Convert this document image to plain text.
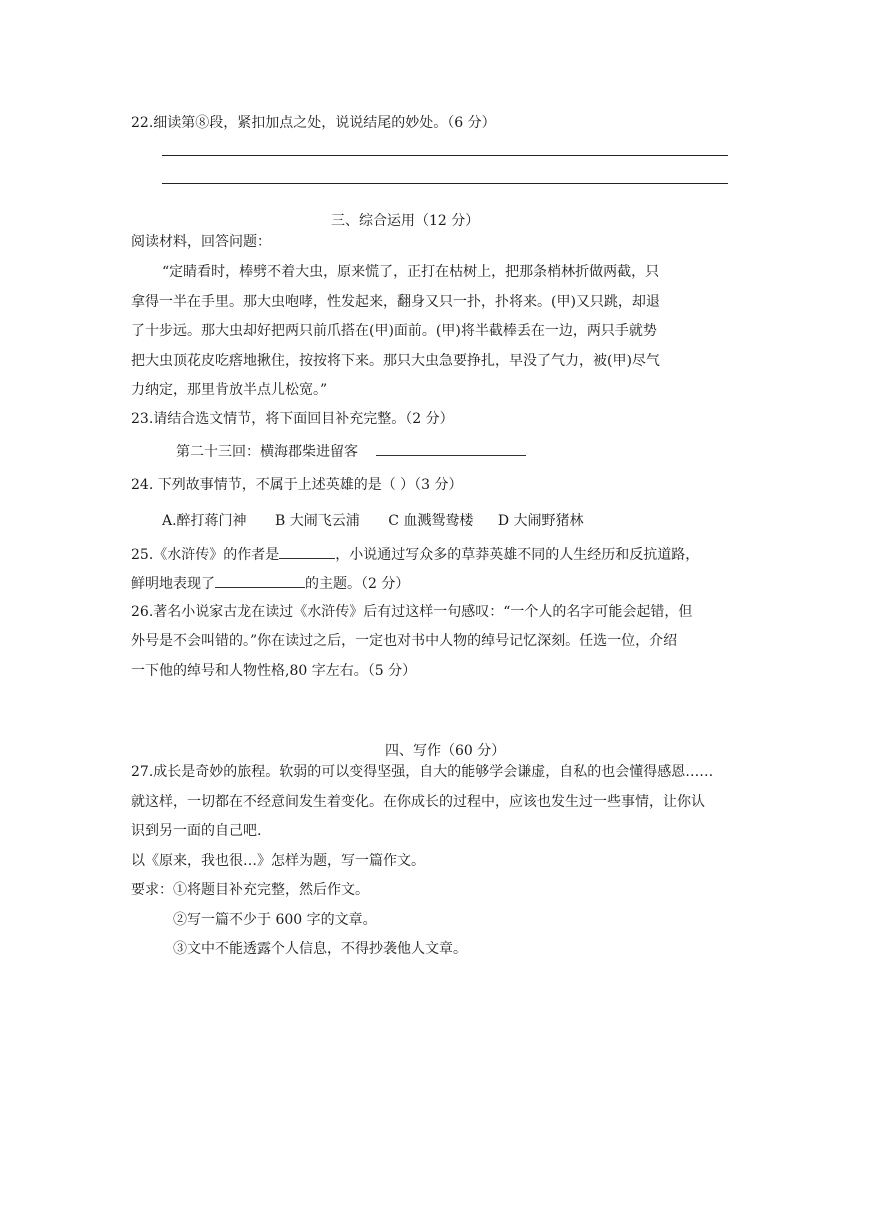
22.细读第⑧段，紧扣加点之处，说说结尾的妙处。（6 分）
三、综合运用（12 分）
阅读材料，回答问题：
“定睛看时，棒劈不着大虫，原来慌了，正打在枯树上，把那条梢林折做两截，只
拿得一半在手里。那大虫咆哮，性发起来，翻身又只一扑，扑将来。(甲)又只跳，却退
了十步远。那大虫却好把两只前爪搭在(甲)面前。(甲)将半截棒丢在一边，两只手就势
把大虫顶花皮吃瘩地揪住，按按将下来。那只大虫急要挣扎，早没了气力，被(甲)尽气
力纳定，那里肯放半点儿松宽。”
23.请结合选文情节，将下面回目补充完整。（2 分）
第二十三回：横海郡柴进留客
24. 下列故事情节，不属于上述英雄的是（ ）（3 分）
A.醉打蒋门神 B 大闹飞云浦 C 血溅鸳鸯楼 D 大闹野猪林
25.《水浒传》的作者是	，小说通过写众多的草莽英雄不同的人生经历和反抗道路，
鲜明地表现了	的主题。（2 分）
26.著名小说家古龙在读过《水浒传》后有过这样一句感叹：“一个人的名字可能会起错，但
外号是不会叫错的。”你在读过之后，一定也对书中人物的绰号记忆深刻。任选一位，介绍
一下他的绰号和人物性格,80 字左右。（5 分）
四、写作（60 分）
27.成长是奇妙的旅程。软弱的可以变得坚强，自大的能够学会谦虚，自私的也会懂得感恩……
就这样，一切都在不经意间发生着变化。在你成长的过程中，应该也发生过一些事情，让你认
识到另一面的自己吧.
以《原来，我也很…》怎样为题，写一篇作文。
要求：①将题目补充完整，然后作文。
②写一篇不少于 600 字的文章。
③文中不能透露个人信息，不得抄袭他人文章。
